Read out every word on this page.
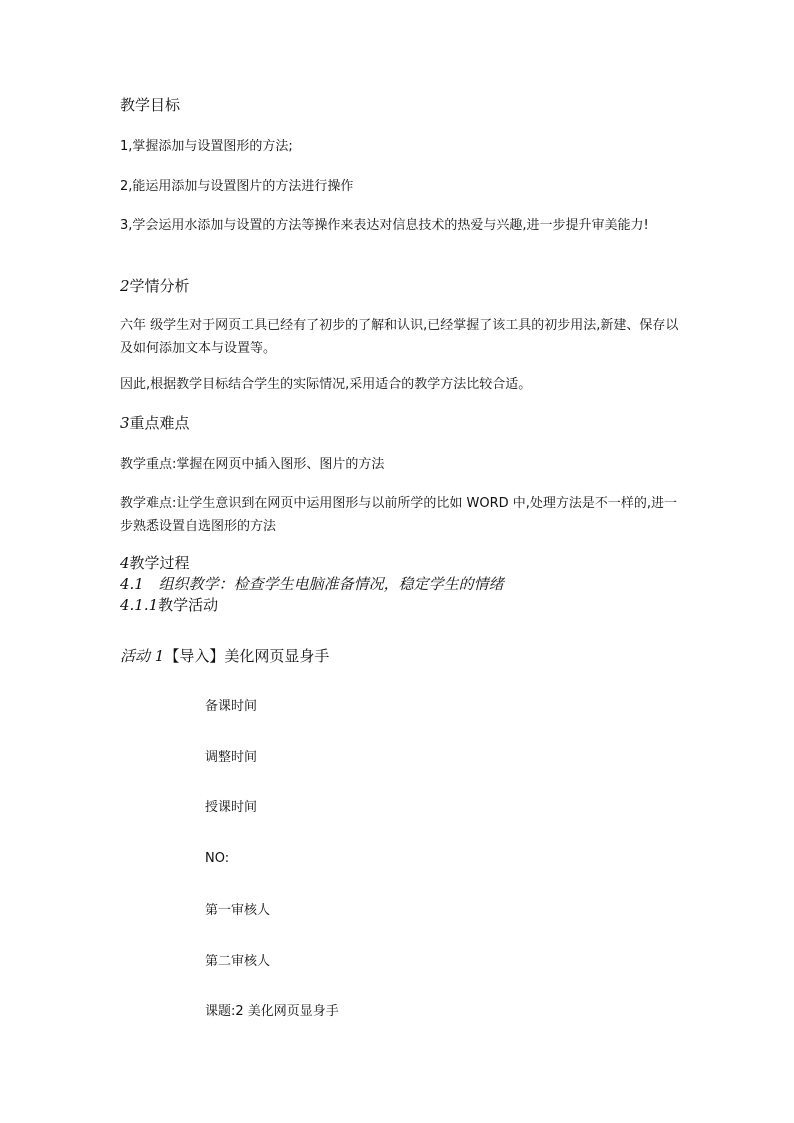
教学目标
1,掌握添加与设置图形的方法;
2,能运用添加与设置图片的方法进行操作
3,学会运用水添加与设置的方法等操作来表达对信息技术的热爱与兴趣,进一步提升审美能力!
2学情分析
六年 级学生对于网页工具已经有了初步的了解和认识,已经掌握了该工具的初步用法,新建、保存以及如何添加文本与设置等。
因此,根据教学目标结合学生的实际情况,采用适合的教学方法比较合适。
3重点难点
教学重点:掌握在网页中插入图形、图片的方法
教学难点:让学生意识到在网页中运用图形与以前所学的比如 WORD 中,处理方法是不一样的,进一步熟悉设置自选图形的方法
4教学过程
4.1 组织教学：检查学生电脑准备情况，稳定学生的情绪
4.1.1教学活动
活动 1【导入】美化网页显身手
备课时间
调整时间
授课时间
NO:
第一审核人
第二审核人
课题:2 美化网页显身手
